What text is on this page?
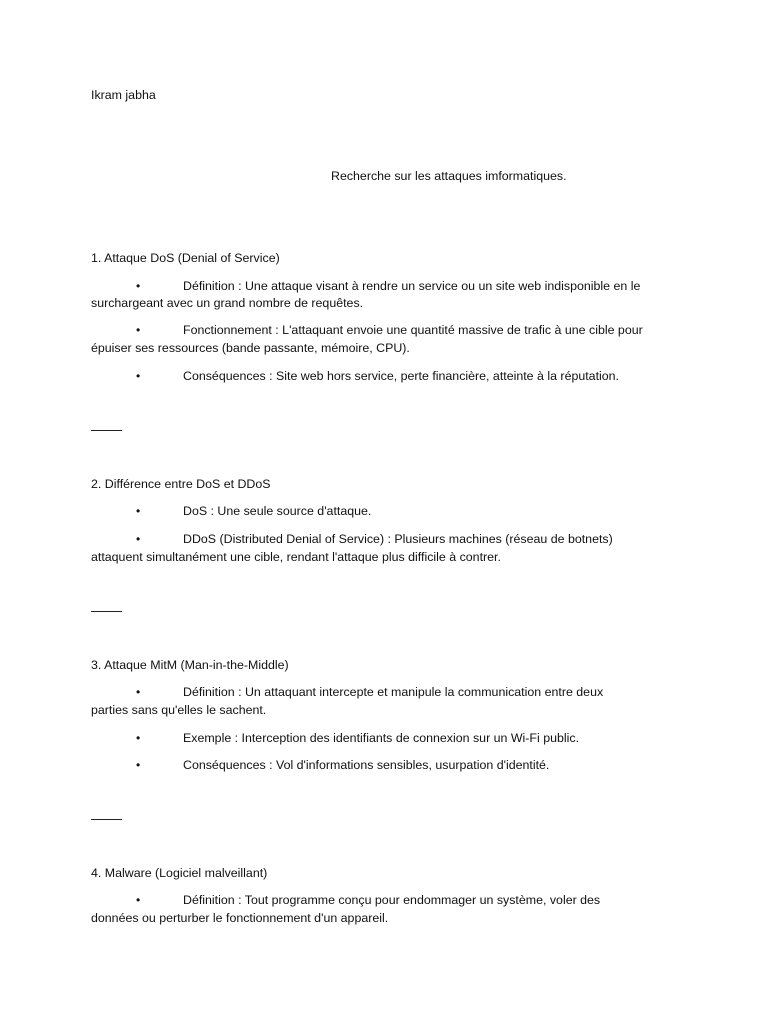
Ikram jabha
Recherche sur les attaques imformatiques.
1. Attaque DoS (Denial of Service)
•	Définition : Une attaque visant à rendre un service ou un site web indisponible en le
surchargeant avec un grand nombre de requêtes.
•	Fonctionnement : L'attaquant envoie une quantité massive de trafic à une cible pour
épuiser ses ressources (bande passante, mémoire, CPU).
•	Conséquences : Site web hors service, perte financière, atteinte à la réputation.
2. Différence entre DoS et DDoS
•	DoS : Une seule source d'attaque.
•	DDoS (Distributed Denial of Service) : Plusieurs machines (réseau de botnets)
attaquent simultanément une cible, rendant l'attaque plus difficile à contrer.
3. Attaque MitM (Man-in-the-Middle)
•	Définition : Un attaquant intercepte et manipule la communication entre deux
parties sans qu'elles le sachent.
•	Exemple : Interception des identifiants de connexion sur un Wi-Fi public.
•	Conséquences : Vol d'informations sensibles, usurpation d'identité.
4. Malware (Logiciel malveillant)
•	Définition : Tout programme conçu pour endommager un système, voler des
données ou perturber le fonctionnement d'un appareil.
